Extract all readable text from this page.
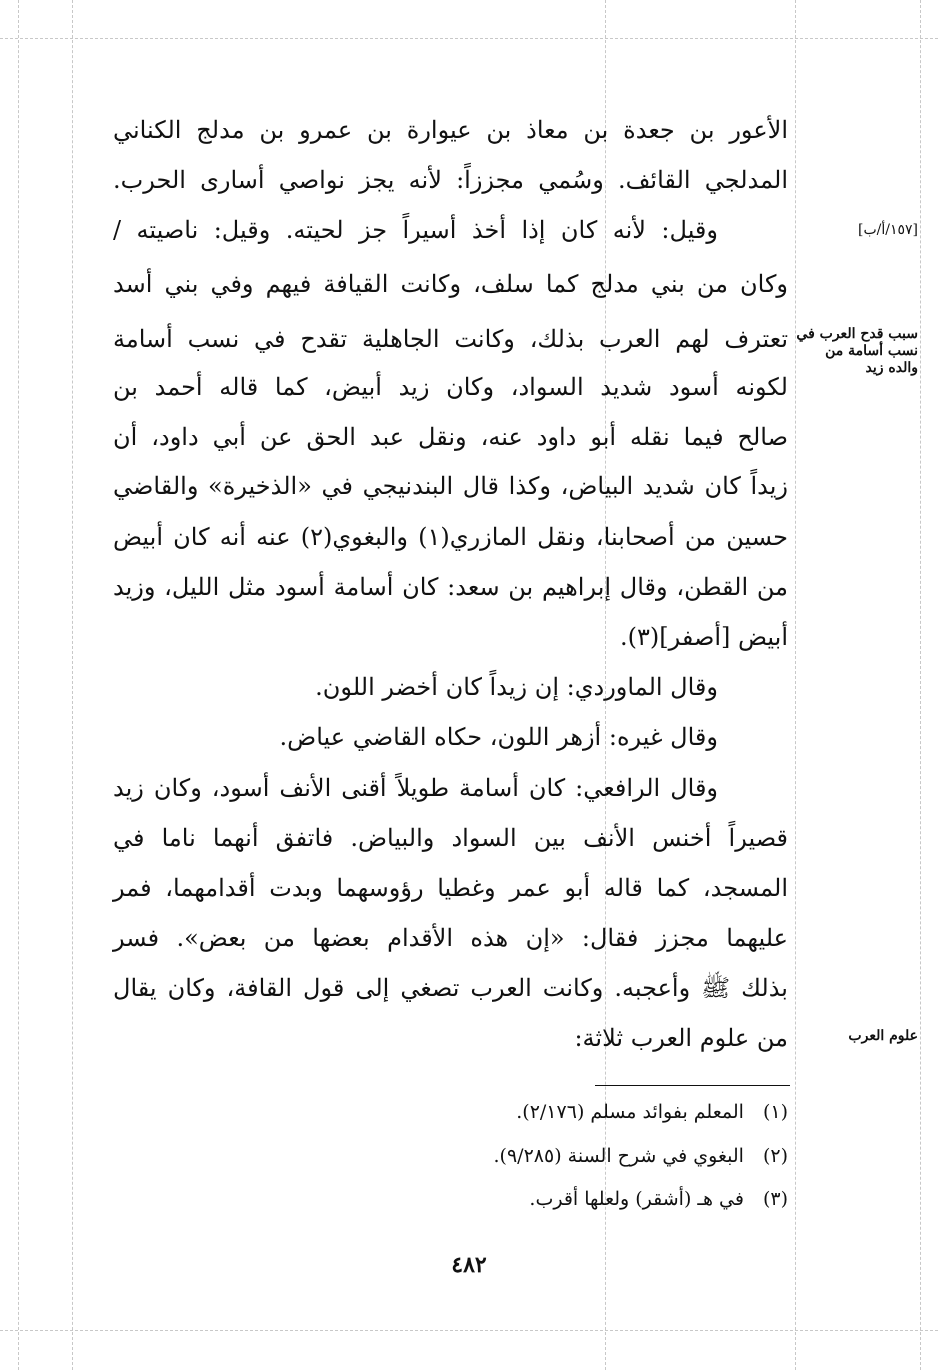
الأعور بن جعدة بن معاذ بن عيوارة بن عمرو بن مدلج الكناني
المدلجي القائف. وسُمي مجززاً: لأنه يجز نواصي أسارى الحرب.
وقيل: لأنه كان إذا أخذ أسيراً جز لحيته. وقيل: ناصيته /
وكان من بني مدلج كما سلف، وكانت القيافة فيهم وفي بني أسد
تعترف لهم العرب بذلك، وكانت الجاهلية تقدح في نسب أسامة
لكونه أسود شديد السواد، وكان زيد أبيض، كما قاله أحمد بن
صالح فيما نقله أبو داود عنه، ونقل عبد الحق عن أبي داود، أن
زيداً كان شديد البياض، وكذا قال البندنيجي في «الذخيرة» والقاضي
حسين من أصحابنا، ونقل المازري(١) والبغوي(٢) عنه أنه كان أبيض
من القطن، وقال إبراهيم بن سعد: كان أسامة أسود مثل الليل، وزيد
أبيض [أصفر](٣).
وقال الماوردي: إن زيداً كان أخضر اللون.
وقال غيره: أزهر اللون، حكاه القاضي عياض.
وقال الرافعي: كان أسامة طويلاً أقنى الأنف أسود، وكان زيد
قصيراً أخنس الأنف بين السواد والبياض. فاتفق أنهما ناما في
المسجد، كما قاله أبو عمر وغطيا رؤوسهما وبدت أقدامهما، فمر
عليهما مجزز فقال: «إن هذه الأقدام بعضها من بعض». فسر
بذلك ﷺ وأعجبه. وكانت العرب تصغي إلى قول القافة، وكان يقال
من علوم العرب ثلاثة:
[١٥٧/أ/ب]
سبب قدح العرب في نسب أسامة من والده زيد
علوم العرب
(١) المعلم بفوائد مسلم (٢/١٧٦).
(٢) البغوي في شرح السنة (٩/٢٨٥).
(٣) في هـ (أشقر) ولعلها أقرب.
٤٨٢
